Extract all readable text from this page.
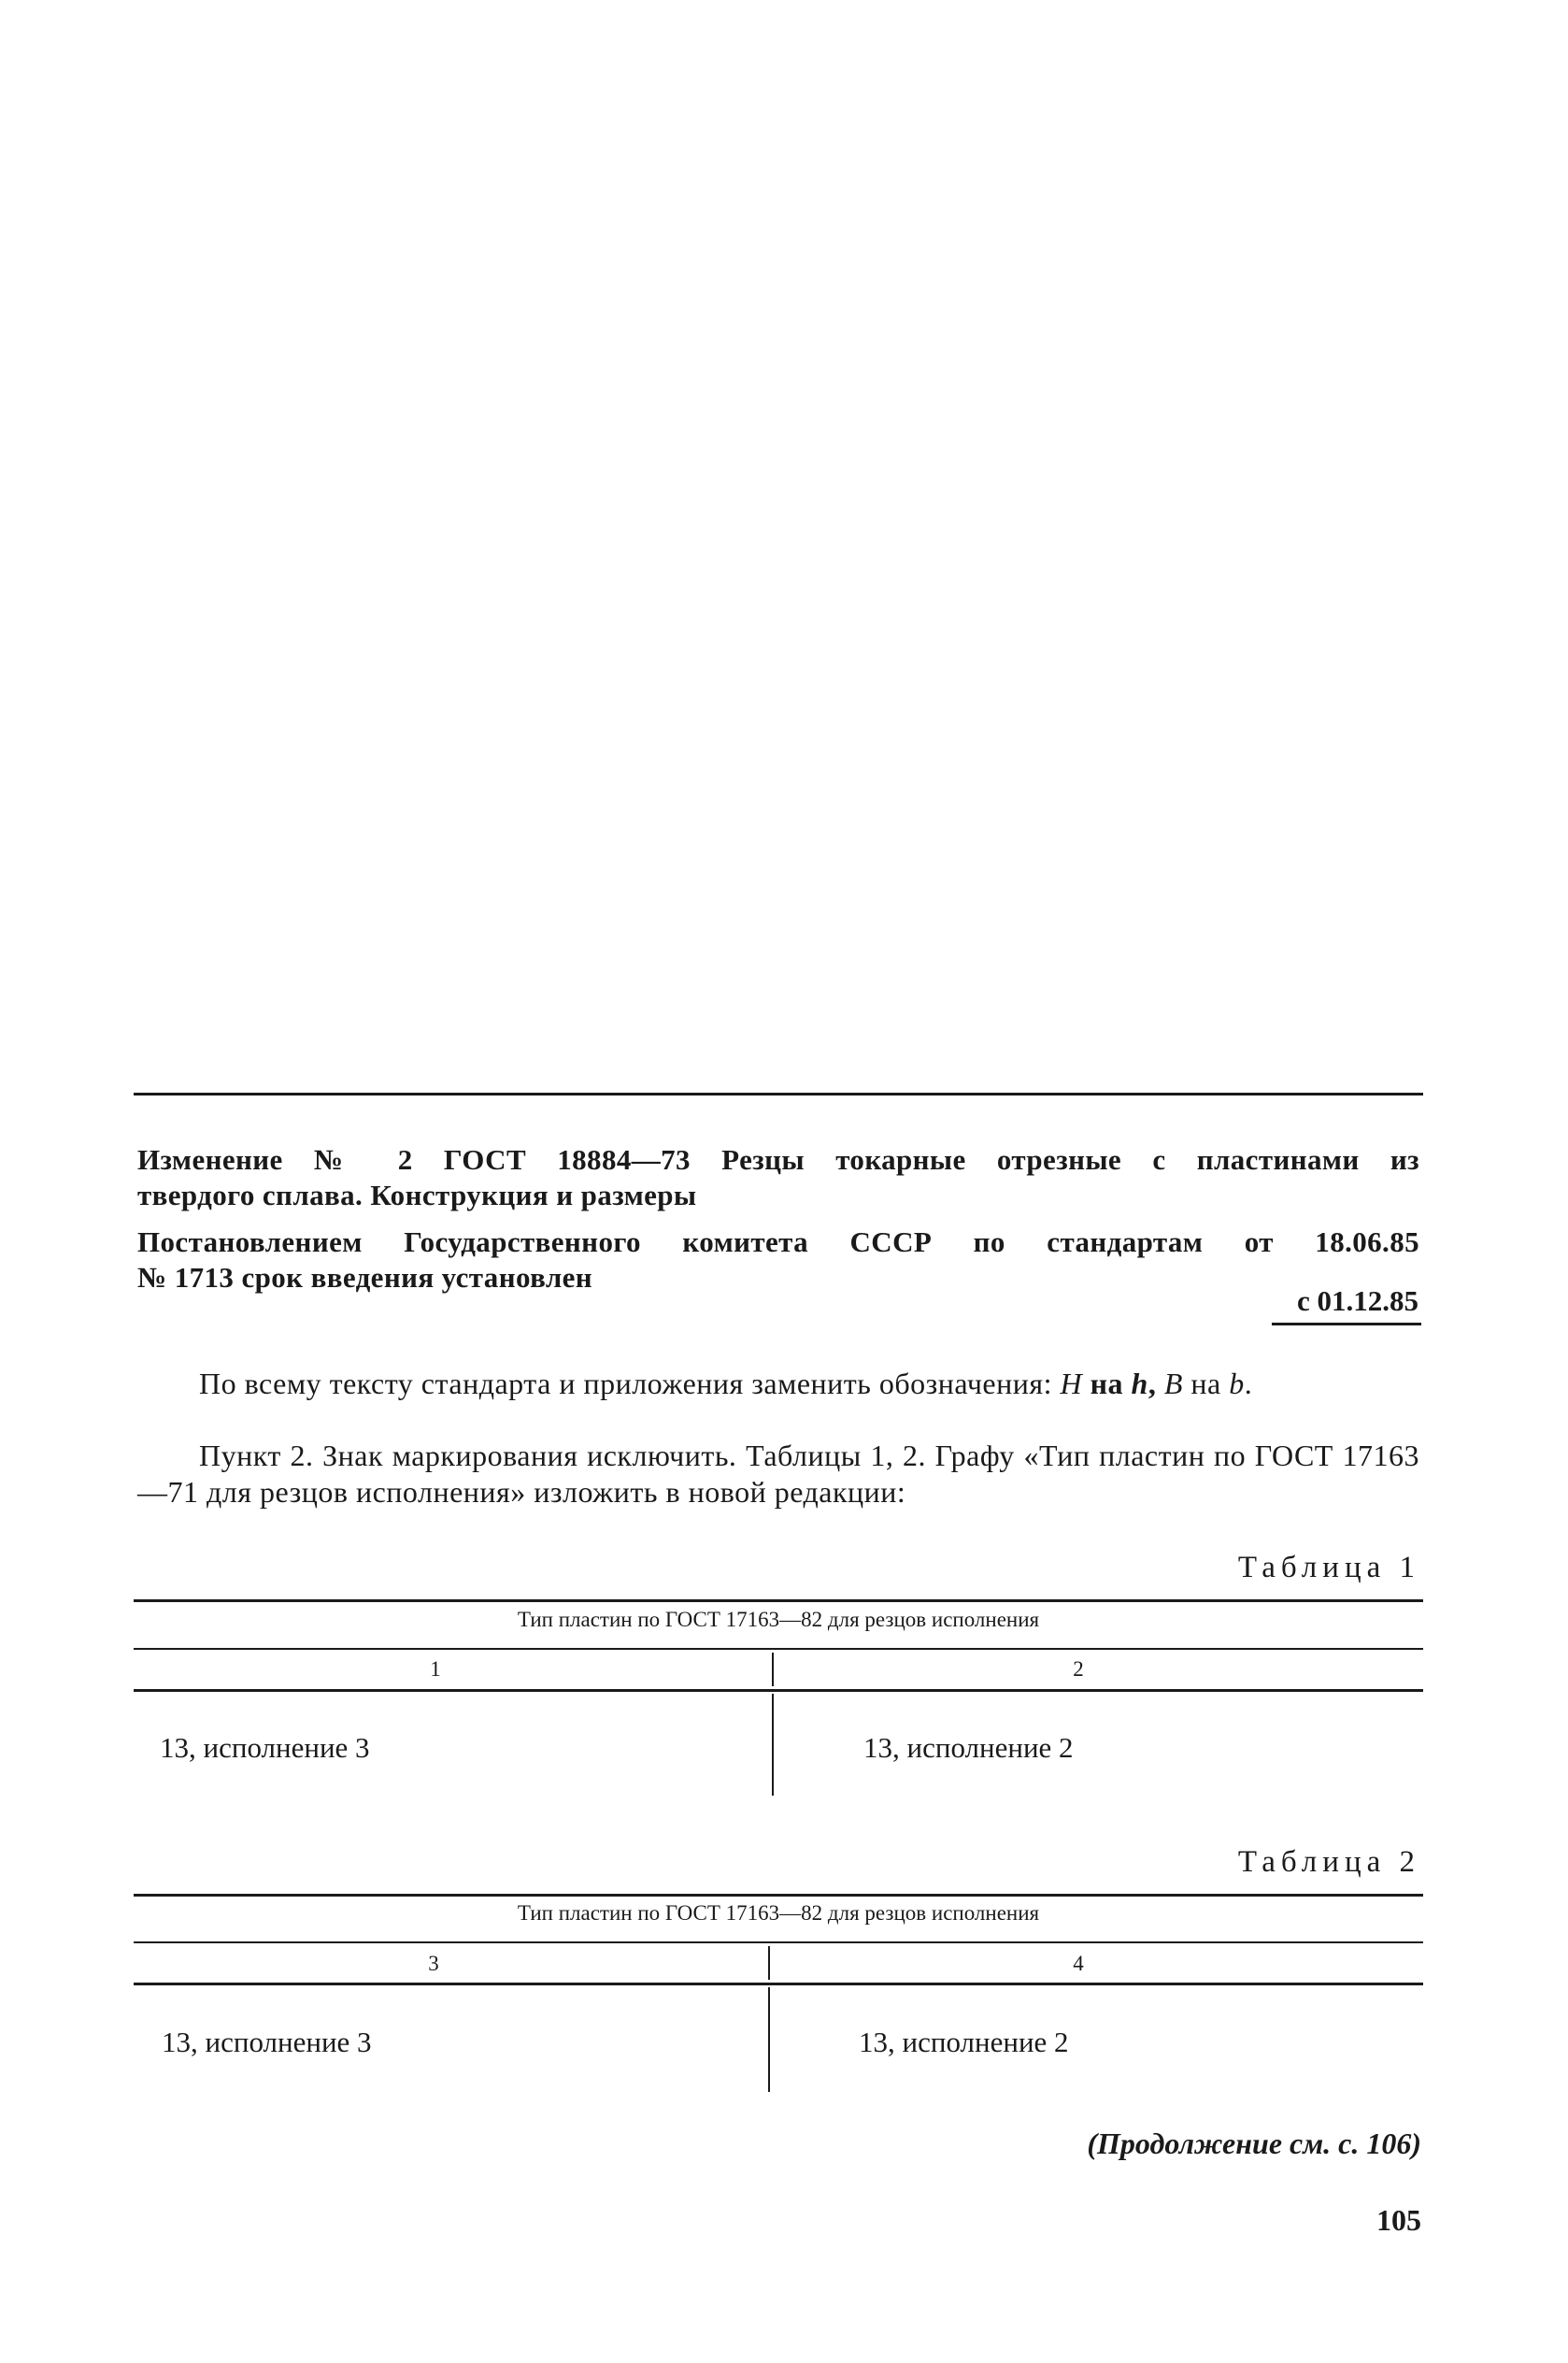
Изменение № 2 ГОСТ 18884—73 Резцы токарные отрезные с пластинами из
твердого сплава. Конструкция и размеры
Постановлением Государственного комитета СССР по стандартам от 18.06.85
№ 1713 срок введения установлен
с 01.12.85
По всему тексту стандарта и приложения заменить обозначения: Н на h, В на b.
Пункт 2. Знак маркирования исключить. Таблицы 1, 2. Графу «Тип пластин по ГОСТ 17163—71 для резцов исполнения» изложить в новой редакции:
Таблица 1
Тип пластин по ГОСТ 17163—82 для резцов исполнения
1	2
13, исполнение 3	13, исполнение 2
Таблица 2
Тип пластин по ГОСТ 17163—82 для резцов исполнения
3	4
13, исполнение 3	13, исполнение 2
(Продолжение см. с. 106)
105
